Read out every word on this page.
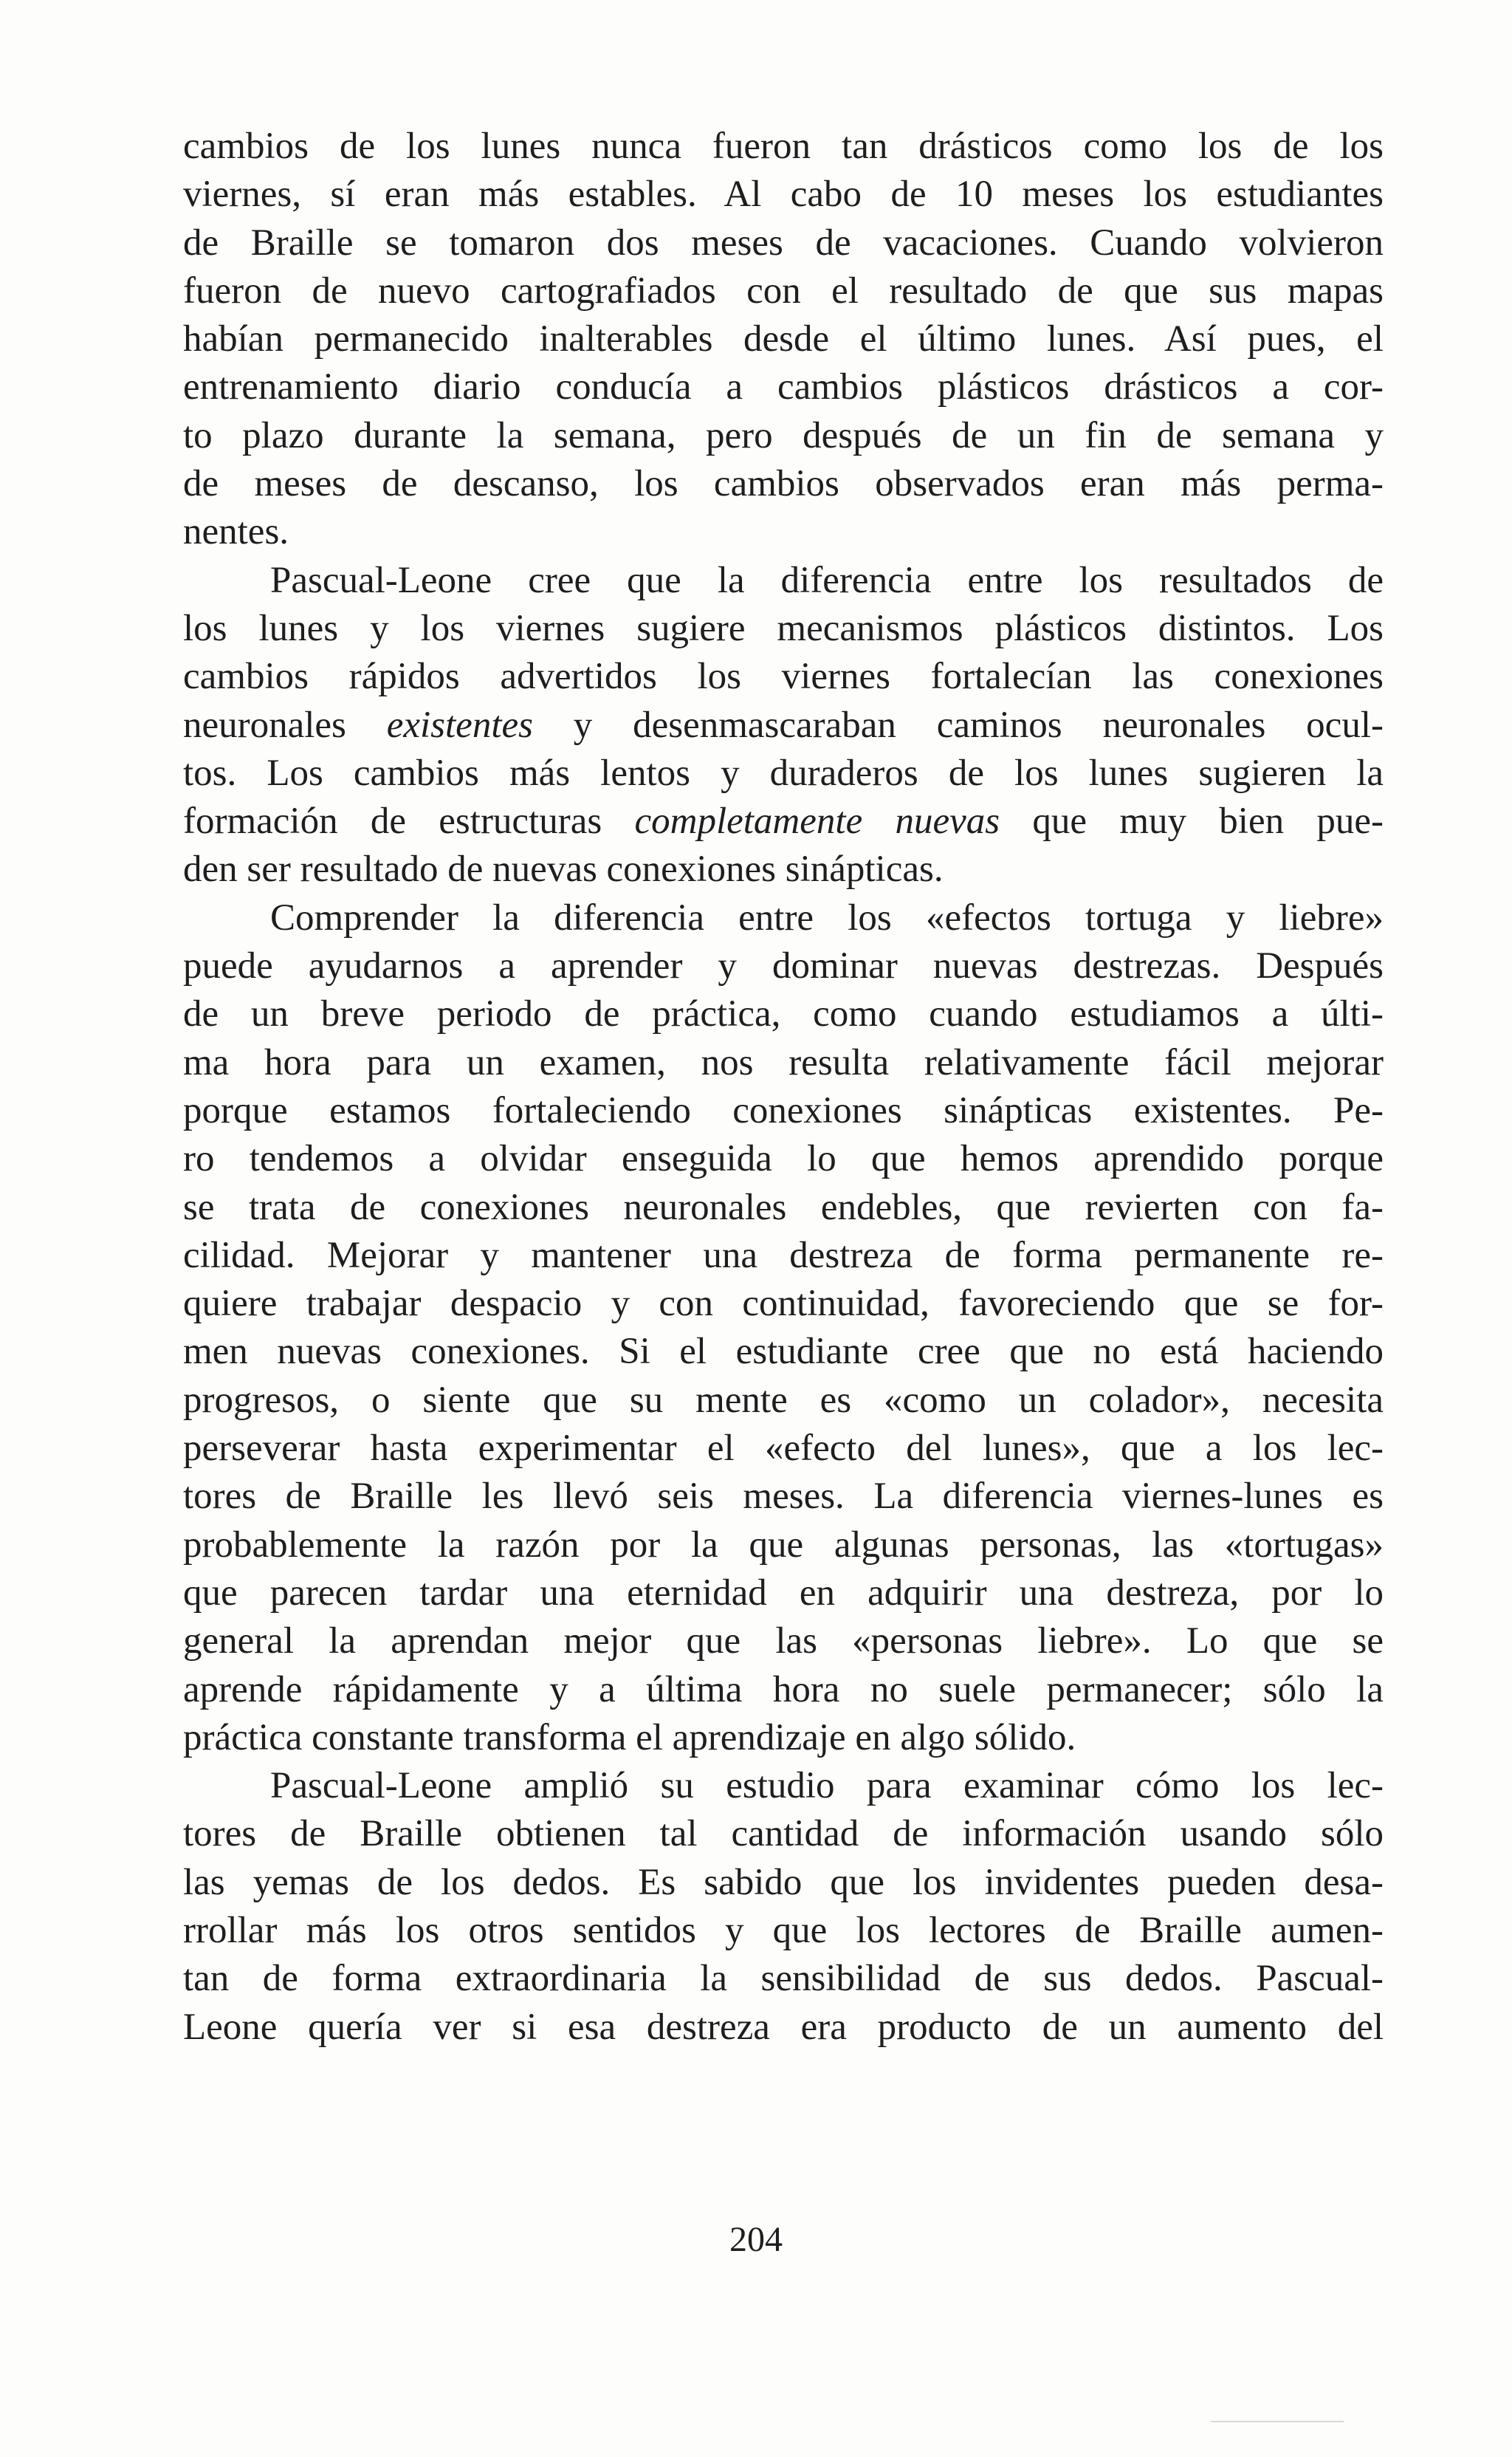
cambios de los lunes nunca fueron tan drásticos como los de los
viernes, sí eran más estables. Al cabo de 10 meses los estudiantes
de Braille se tomaron dos meses de vacaciones. Cuando volvieron
fueron de nuevo cartografiados con el resultado de que sus mapas
habían permanecido inalterables desde el último lunes. Así pues, el
entrenamiento diario conducía a cambios plásticos drásticos a cor-
to plazo durante la semana, pero después de un fin de semana y
de meses de descanso, los cambios observados eran más perma-
nentes.
Pascual-Leone cree que la diferencia entre los resultados de
los lunes y los viernes sugiere mecanismos plásticos distintos. Los
cambios rápidos advertidos los viernes fortalecían las conexiones
neuronales existentes y desenmascaraban caminos neuronales ocul-
tos. Los cambios más lentos y duraderos de los lunes sugieren la
formación de estructuras completamente nuevas que muy bien pue-
den ser resultado de nuevas conexiones sinápticas.
Comprender la diferencia entre los «efectos tortuga y liebre»
puede ayudarnos a aprender y dominar nuevas destrezas. Después
de un breve periodo de práctica, como cuando estudiamos a últi-
ma hora para un examen, nos resulta relativamente fácil mejorar
porque estamos fortaleciendo conexiones sinápticas existentes. Pe-
ro tendemos a olvidar enseguida lo que hemos aprendido porque
se trata de conexiones neuronales endebles, que revierten con fa-
cilidad. Mejorar y mantener una destreza de forma permanente re-
quiere trabajar despacio y con continuidad, favoreciendo que se for-
men nuevas conexiones. Si el estudiante cree que no está haciendo
progresos, o siente que su mente es «como un colador», necesita
perseverar hasta experimentar el «efecto del lunes», que a los lec-
tores de Braille les llevó seis meses. La diferencia viernes-lunes es
probablemente la razón por la que algunas personas, las «tortugas»
que parecen tardar una eternidad en adquirir una destreza, por lo
general la aprendan mejor que las «personas liebre». Lo que se
aprende rápidamente y a última hora no suele permanecer; sólo la
práctica constante transforma el aprendizaje en algo sólido.
Pascual-Leone amplió su estudio para examinar cómo los lec-
tores de Braille obtienen tal cantidad de información usando sólo
las yemas de los dedos. Es sabido que los invidentes pueden desa-
rrollar más los otros sentidos y que los lectores de Braille aumen-
tan de forma extraordinaria la sensibilidad de sus dedos. Pascual-
Leone quería ver si esa destreza era producto de un aumento del
204
